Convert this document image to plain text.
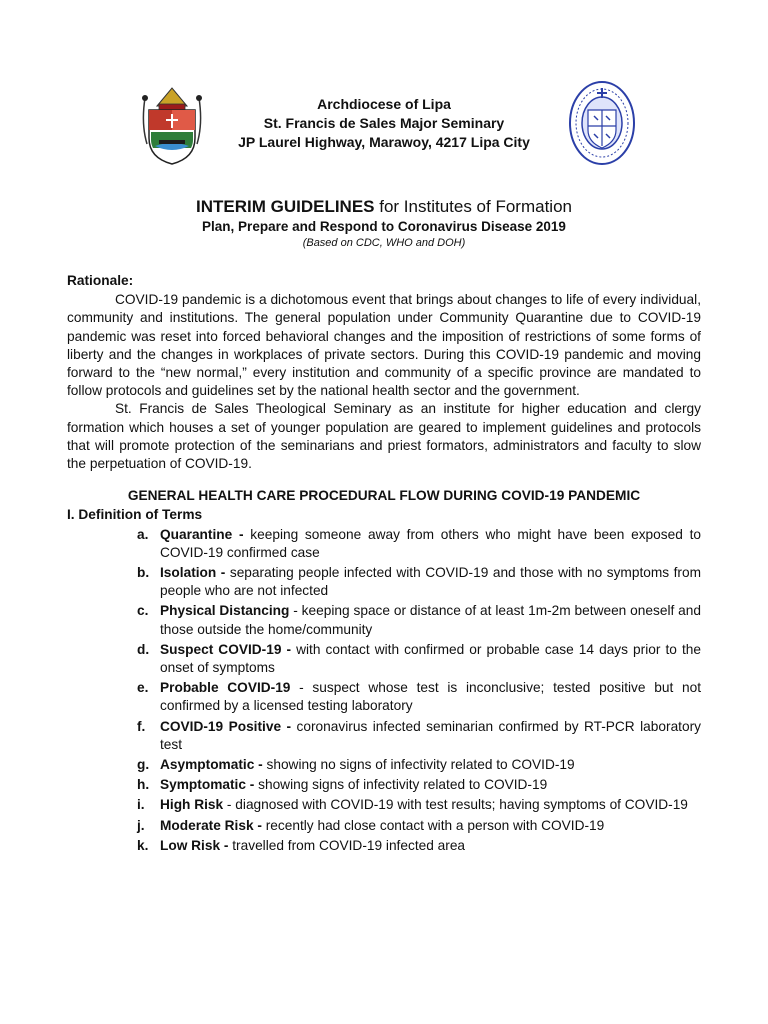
Archdiocese of Lipa
St. Francis de Sales Major Seminary
JP Laurel Highway, Marawoy, 4217 Lipa City
INTERIM GUIDELINES for Institutes of Formation
Plan, Prepare and Respond to Coronavirus Disease 2019
(Based on CDC, WHO and DOH)
Rationale:

COVID-19 pandemic is a dichotomous event that brings about changes to life of every individual, community and institutions. The general population under Community Quarantine due to COVID-19 pandemic was reset into forced behavioral changes and the imposition of restrictions of some forms of liberty and the changes in workplaces of private sectors. During this COVID-19 pandemic and moving forward to the “new normal,” every institution and community of a specific province are mandated to follow protocols and guidelines set by the national health sector and the government.

St. Francis de Sales Theological Seminary as an institute for higher education and clergy formation which houses a set of younger population are geared to implement guidelines and protocols that will promote protection of the seminarians and priest formators, administrators and faculty to slow the perpetuation of COVID-19.

GENERAL HEALTH CARE PROCEDURAL FLOW DURING COVID-19 PANDEMIC
I. Definition of Terms
a. Quarantine - keeping someone away from others who might have been exposed to COVID-19 confirmed case
b. Isolation - separating people infected with COVID-19 and those with no symptoms from people who are not infected
c. Physical Distancing - keeping space or distance of at least 1m-2m between oneself and those outside the home/community
d. Suspect COVID-19 - with contact with confirmed or probable case 14 days prior to the onset of symptoms
e. Probable COVID-19 - suspect whose test is inconclusive; tested positive but not confirmed by a licensed testing laboratory
f. COVID-19 Positive - coronavirus infected seminarian confirmed by RT-PCR laboratory test
g. Asymptomatic - showing no signs of infectivity related to COVID-19
h. Symptomatic - showing signs of infectivity related to COVID-19
i. High Risk - diagnosed with COVID-19 with test results; having symptoms of COVID-19
j. Moderate Risk - recently had close contact with a person with COVID-19
k. Low Risk - travelled from COVID-19 infected area
